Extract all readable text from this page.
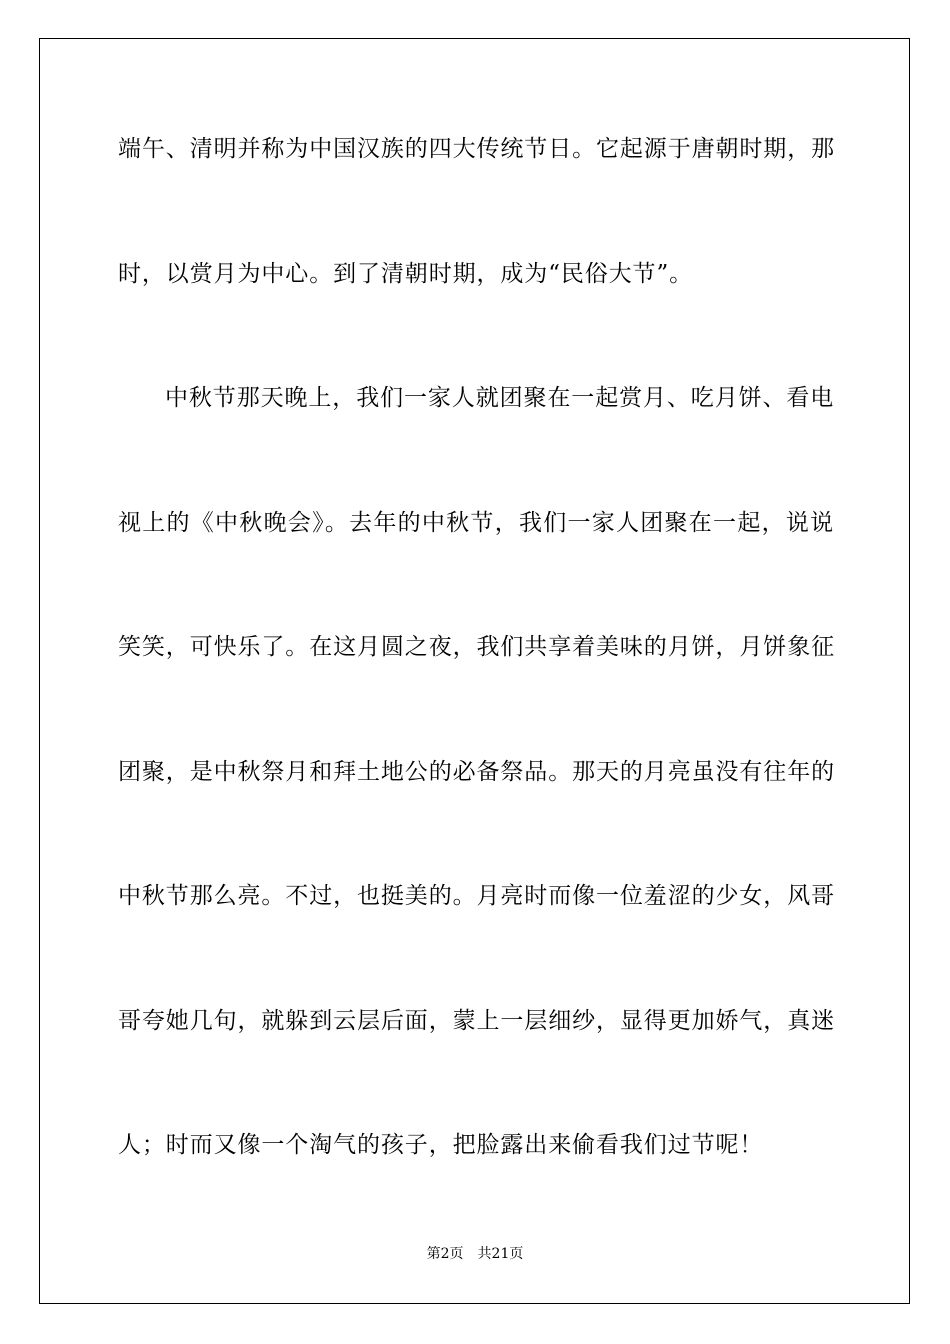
端午、清明并称为中国汉族的四大传统节日。它起源于唐朝时期，那
时，以赏月为中心。到了清朝时期，成为“民俗大节”。
中秋节那天晚上，我们一家人就团聚在一起赏月、吃月饼、看电
视上的《中秋晚会》。去年的中秋节，我们一家人团聚在一起，说说
笑笑，可快乐了。在这月圆之夜，我们共享着美味的月饼，月饼象征
团聚，是中秋祭月和拜土地公的必备祭品。那天的月亮虽没有往年的
中秋节那么亮。不过，也挺美的。月亮时而像一位羞涩的少女，风哥
哥夸她几句，就躲到云层后面，蒙上一层细纱，显得更加娇气，真迷
人；时而又像一个淘气的孩子，把脸露出来偷看我们过节呢！
第2页 共21页
